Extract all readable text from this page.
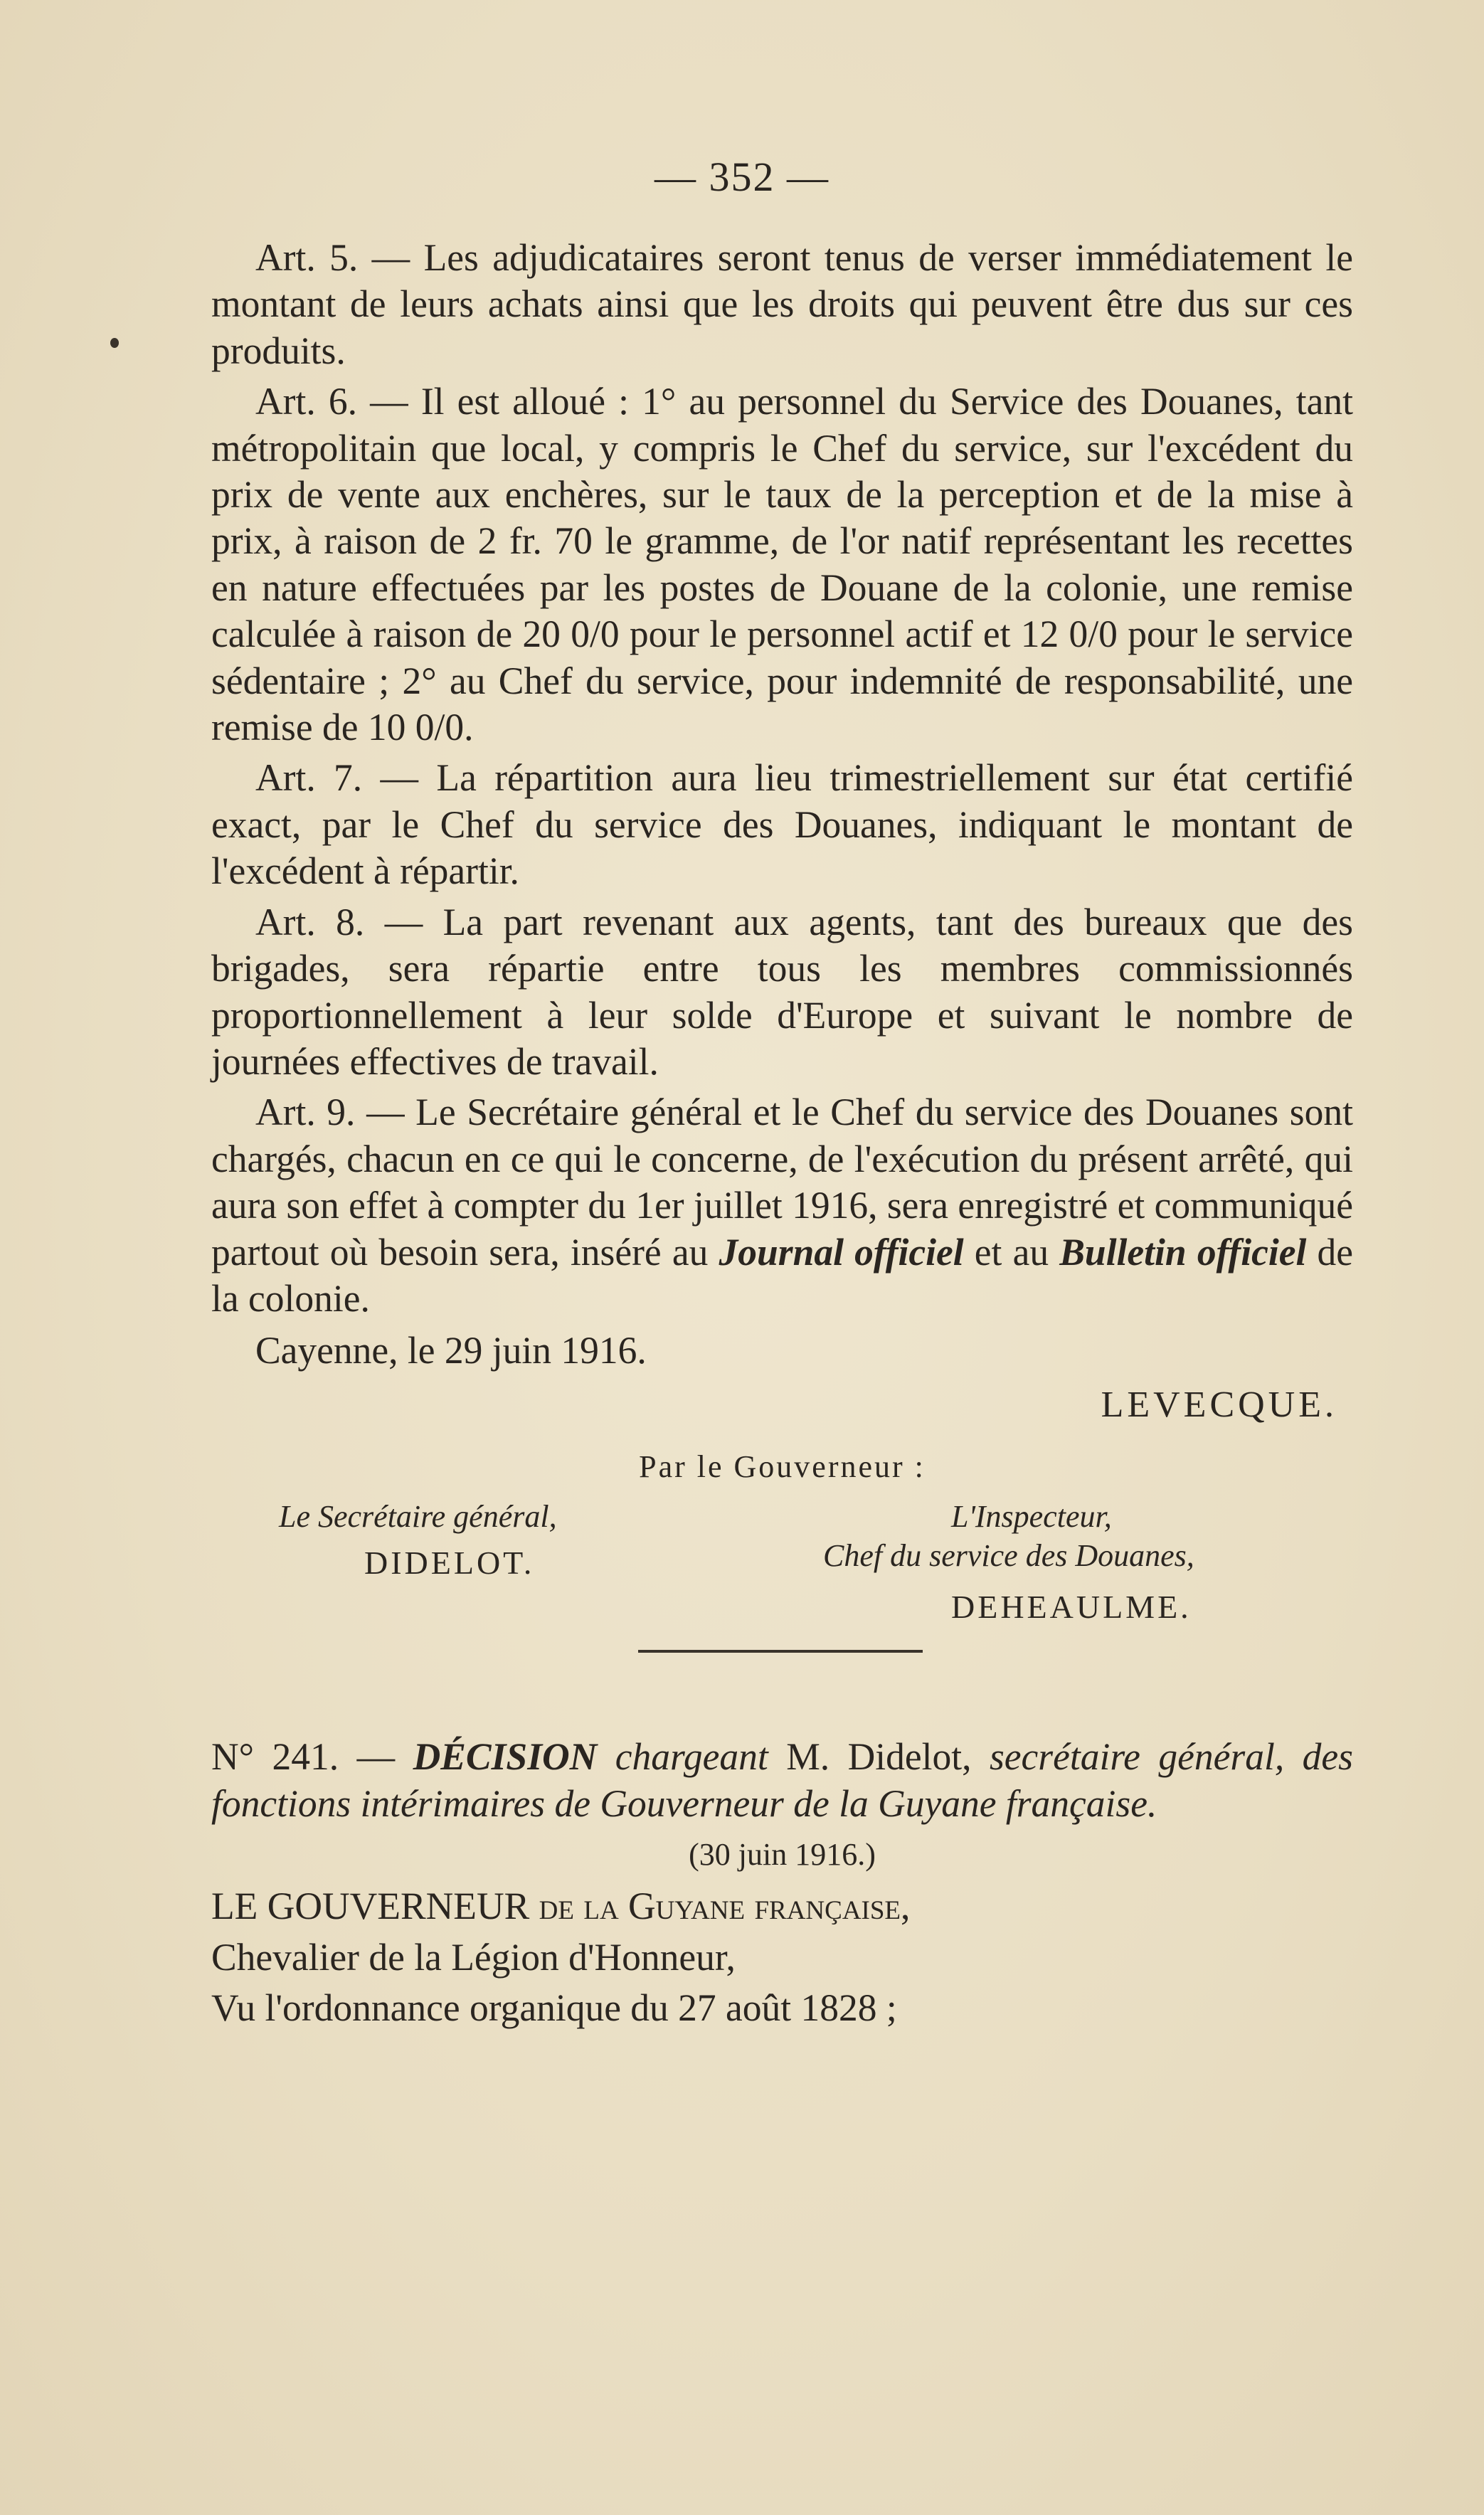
— 352 —

Art. 5. — Les adjudicataires seront tenus de verser immédiatement le montant de leurs achats ainsi que les droits qui peuvent être dus sur ces produits.

Art. 6. — Il est alloué : 1° au personnel du Service des Douanes, tant métropolitain que local, y compris le Chef du service, sur l'excédent du prix de vente aux enchères, sur le taux de la perception et de la mise à prix, à raison de 2 fr. 70 le gramme, de l'or natif représentant les recettes en nature effectuées par les postes de Douane de la colonie, une remise calculée à raison de 20 0/0 pour le personnel actif et 12 0/0 pour le service sédentaire ; 2° au Chef du service, pour indemnité de responsabilité, une remise de 10 0/0.

Art. 7. — La répartition aura lieu trimestriellement sur état certifié exact, par le Chef du service des Douanes, indiquant le montant de l'excédent à répartir.

Art. 8. — La part revenant aux agents, tant des bureaux que des brigades, sera répartie entre tous les membres commissionnés proportionnellement à leur solde d'Europe et suivant le nombre de journées effectives de travail.

Art. 9. — Le Secrétaire général et le Chef du service des Douanes sont chargés, chacun en ce qui le concerne, de l'exécution du présent arrêté, qui aura son effet à compter du 1er juillet 1916, sera enregistré et communiqué partout où besoin sera, inséré au Journal officiel et au Bulletin officiel de la colonie.

Cayenne, le 29 juin 1916.

LEVECQUE.
Par le Gouverneur :
Le Secrétaire général,
DIDELOT.
L'Inspecteur,
Chef du service des Douanes,
DEHEAULME.

N° 241. — DÉCISION chargeant M. Didelot, secrétaire général, des fonctions intérimaires de Gouverneur de la Guyane française.

(30 juin 1916.)

LE GOUVERNEUR de la Guyane française,

Chevalier de la Légion d'Honneur,

Vu l'ordonnance organique du 27 août 1828 ;
